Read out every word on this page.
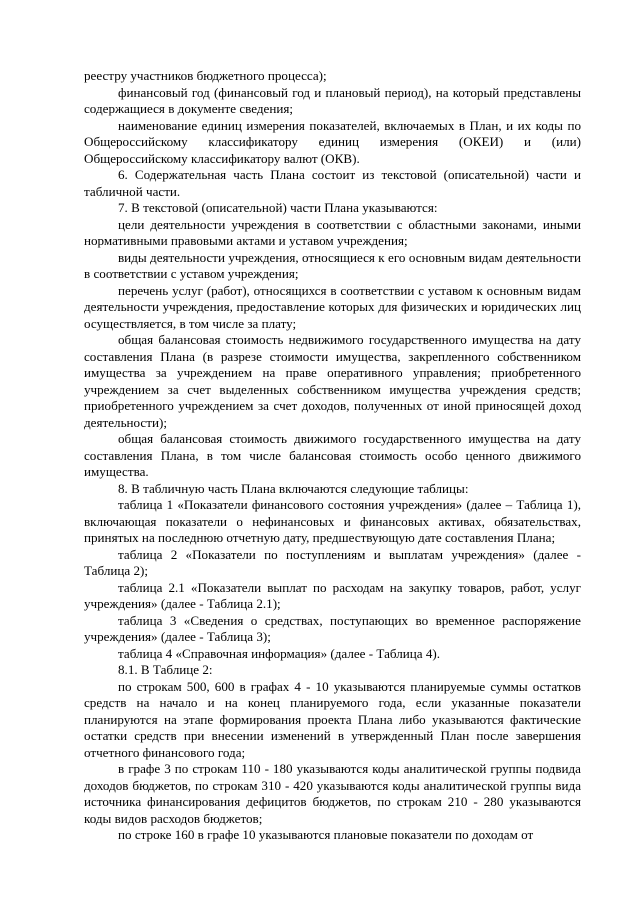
реестру участников бюджетного процесса);

финансовый год (финансовый год и плановый период), на который представлены содержащиеся в документе сведения;

наименование единиц измерения показателей, включаемых в План, и их коды по Общероссийскому классификатору единиц измерения (ОКЕИ) и (или) Общероссийскому классификатору валют (ОКВ).

6. Содержательная часть Плана состоит из текстовой (описательной) части и табличной части.

7. В текстовой (описательной) части Плана указываются:

цели деятельности учреждения в соответствии с областными законами, иными нормативными правовыми актами и уставом учреждения;

виды деятельности учреждения, относящиеся к его основным видам деятельности в соответствии с уставом учреждения;

перечень услуг (работ), относящихся в соответствии с уставом к основным видам деятельности учреждения, предоставление которых для физических и юридических лиц осуществляется, в том числе за плату;

общая балансовая стоимость недвижимого государственного имущества на дату составления Плана (в разрезе стоимости имущества, закрепленного собственником имущества за учреждением на праве оперативного управления; приобретенного учреждением за счет выделенных собственником имущества учреждения средств; приобретенного учреждением за счет доходов, полученных от иной приносящей доход деятельности);

общая балансовая стоимость движимого государственного имущества на дату составления Плана, в том числе балансовая стоимость особо ценного движимого имущества.

8. В табличную часть Плана включаются следующие таблицы:

таблица 1 «Показатели финансового состояния учреждения» (далее – Таблица 1), включающая показатели о нефинансовых и финансовых активах, обязательствах, принятых на последнюю отчетную дату, предшествующую дате составления Плана;

таблица 2 «Показатели по поступлениям и выплатам учреждения» (далее - Таблица 2);

таблица 2.1 «Показатели выплат по расходам на закупку товаров, работ, услуг учреждения» (далее - Таблица 2.1);

таблица 3 «Сведения о средствах, поступающих во временное распоряжение учреждения» (далее - Таблица 3);

таблица 4 «Справочная информация» (далее - Таблица 4).

8.1. В Таблице 2:

по строкам 500, 600 в графах 4 - 10 указываются планируемые суммы остатков средств на начало и на конец планируемого года, если указанные показатели планируются на этапе формирования проекта Плана либо указываются фактические остатки средств при внесении изменений в утвержденный План после завершения отчетного финансового года;

в графе 3 по строкам 110 - 180 указываются коды аналитической группы подвида доходов бюджетов, по строкам 310 - 420 указываются коды аналитической группы вида источника финансирования дефицитов бюджетов, по строкам 210 - 280 указываются коды видов расходов бюджетов;

по строке 160 в графе 10 указываются плановые показатели по доходам от
